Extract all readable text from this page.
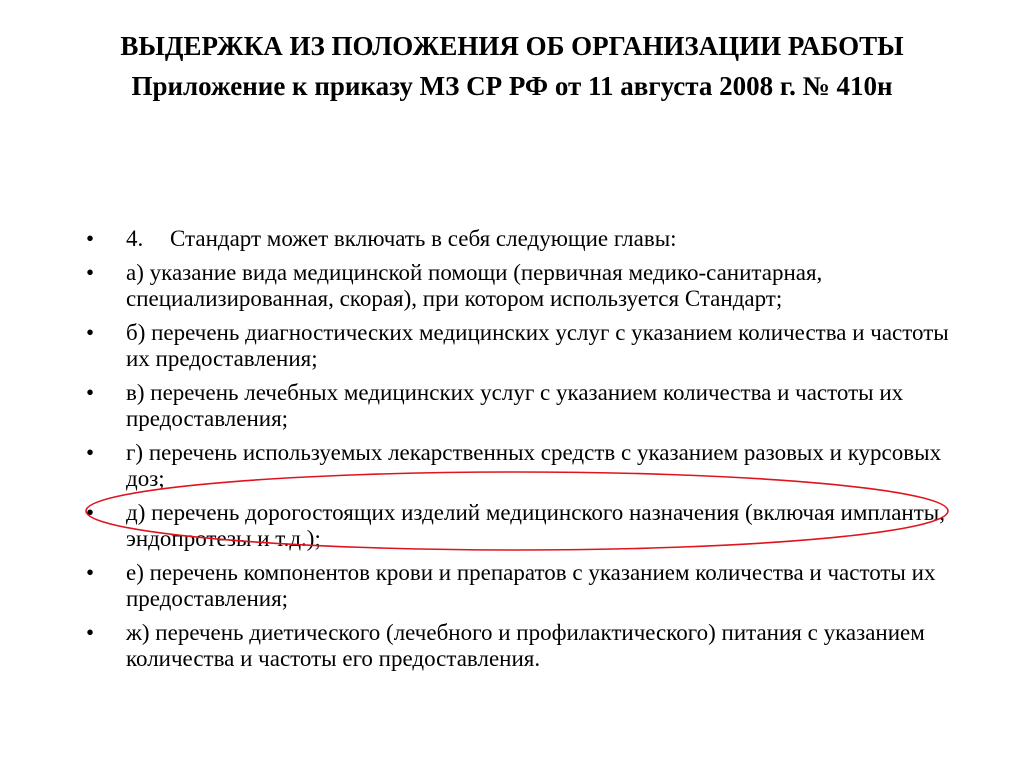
ВЫДЕРЖКА ИЗ ПОЛОЖЕНИЯ ОБ ОРГАНИЗАЦИИ РАБОТЫ
Приложение к приказу МЗ СР РФ от 11 августа 2008 г. № 410н
•	4. Стандарт может включать в себя следующие главы:
•	а) указание вида медицинской помощи (первичная медико-санитарная, специализированная, скорая), при котором используется Стандарт;
•	б) перечень диагностических медицинских услуг с указанием количества и частоты их предоставления;
•	в) перечень лечебных медицинских услуг с указанием количества и частоты их предоставления;
•	г) перечень используемых лекарственных средств с указанием разовых и курсовых доз;
•	д) перечень дорогостоящих изделий медицинского назначения (включая импланты, эндопротезы и т.д.);
•	е) перечень компонентов крови и препаратов с указанием количества и частоты их предоставления;
•	ж) перечень диетического (лечебного и профилактического) питания с указанием количества и частоты его предоставления.
